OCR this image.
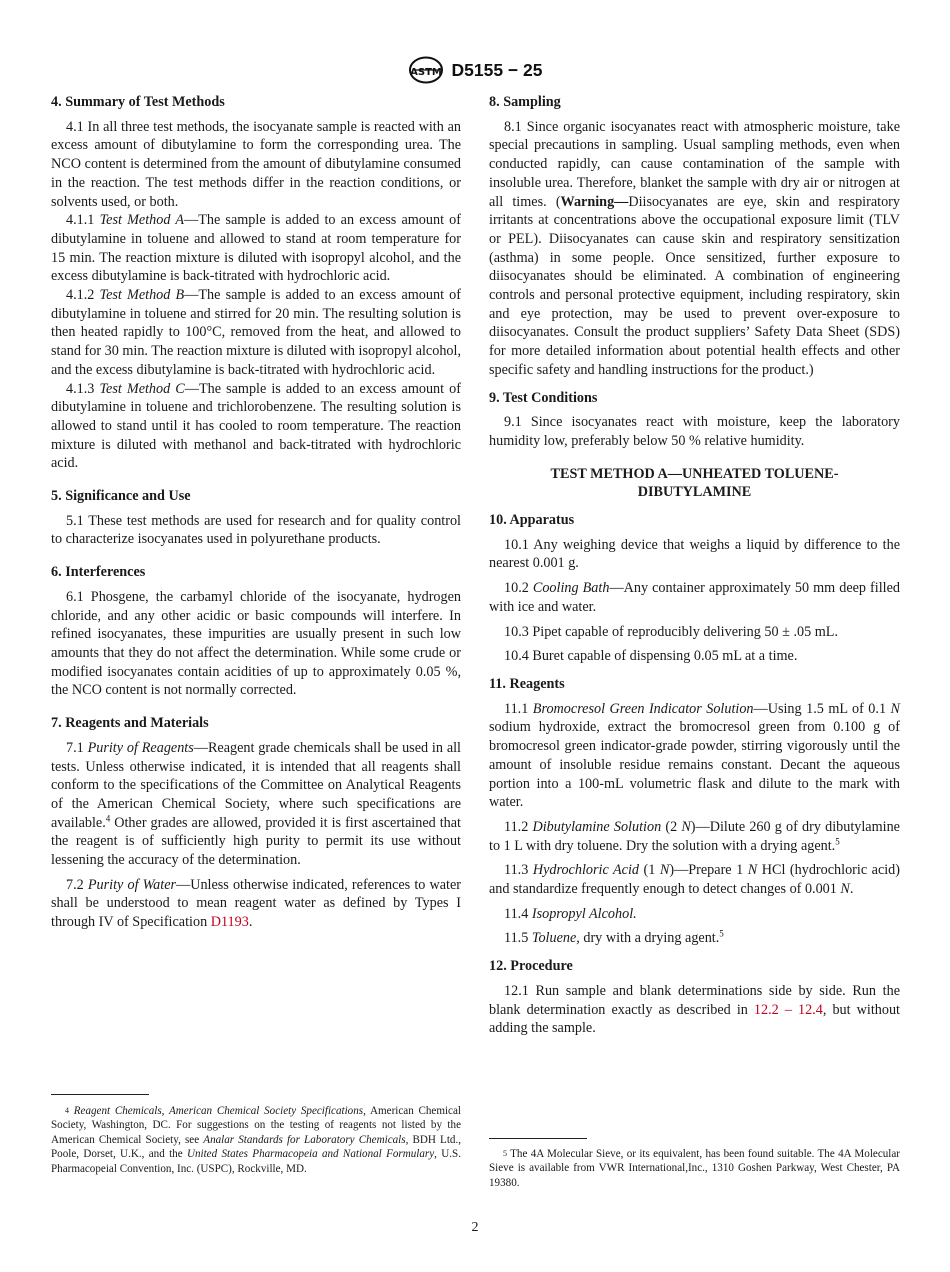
ASTM D5155 − 25
4. Summary of Test Methods

4.1 In all three test methods, the isocyanate sample is reacted with an excess amount of dibutylamine to form the corresponding urea. The NCO content is determined from the amount of dibutylamine consumed in the reaction. The test methods differ in the reaction conditions, or solvents used, or both.

4.1.1 Test Method A—The sample is added to an excess amount of dibutylamine in toluene and allowed to stand at room temperature for 15 min. The reaction mixture is diluted with isopropyl alcohol, and the excess dibutylamine is back-titrated with hydrochloric acid.

4.1.2 Test Method B—The sample is added to an excess amount of dibutylamine in toluene and stirred for 20 min. The resulting solution is then heated rapidly to 100°C, removed from the heat, and allowed to stand for 30 min. The reaction mixture is diluted with isopropyl alcohol, and the excess dibutylamine is back-titrated with hydrochloric acid.

4.1.3 Test Method C—The sample is added to an excess amount of dibutylamine in toluene and trichlorobenzene. The resulting solution is allowed to stand until it has cooled to room temperature. The reaction mixture is diluted with methanol and back-titrated with hydrochloric acid.

5. Significance and Use

5.1 These test methods are used for research and for quality control to characterize isocyanates used in polyurethane products.

6. Interferences

6.1 Phosgene, the carbamyl chloride of the isocyanate, hydrogen chloride, and any other acidic or basic compounds will interfere. In refined isocyanates, these impurities are usually present in such low amounts that they do not affect the determination. While some crude or modified isocyanates contain acidities of up to approximately 0.05 %, the NCO content is not normally corrected.

7. Reagents and Materials

7.1 Purity of Reagents—Reagent grade chemicals shall be used in all tests. Unless otherwise indicated, it is intended that all reagents shall conform to the specifications of the Committee on Analytical Reagents of the American Chemical Society, where such specifications are available.$^4$ Other grades are allowed, provided it is first ascertained that the reagent is of sufficiently high purity to permit its use without lessening the accuracy of the determination.

7.2 Purity of Water—Unless otherwise indicated, references to water shall be understood to mean reagent water as defined by Types I through IV of Specification D1193.

$^4$ Reagent Chemicals, American Chemical Society Specifications, American Chemical Society, Washington, DC. For suggestions on the testing of reagents not listed by the American Chemical Society, see Analar Standards for Laboratory Chemicals, BDH Ltd., Poole, Dorset, U.K., and the United States Pharmacopeia and National Formulary, U.S. Pharmacopeial Convention, Inc. (USPC), Rockville, MD.
8. Sampling

8.1 Since organic isocyanates react with atmospheric moisture, take special precautions in sampling. Usual sampling methods, even when conducted rapidly, can cause contamination of the sample with insoluble urea. Therefore, blanket the sample with dry air or nitrogen at all times. (Warning—Diisocyanates are eye, skin and respiratory irritants at concentrations above the occupational exposure limit (TLV or PEL). Diisocyanates can cause skin and respiratory sensitization (asthma) in some people. Once sensitized, further exposure to diisocyanates should be eliminated. A combination of engineering controls and personal protective equipment, including respiratory, skin and eye protection, may be used to prevent over-exposure to diisocyanates. Consult the product suppliers’ Safety Data Sheet (SDS) for more detailed information about potential health effects and other specific safety and handling instructions for the product.)

9. Test Conditions

9.1 Since isocyanates react with moisture, keep the laboratory humidity low, preferably below 50 % relative humidity.

TEST METHOD A—UNHEATED TOLUENE-DIBUTYLAMINE
10. Apparatus

10.1 Any weighing device that weighs a liquid by difference to the nearest 0.001 g.

10.2 Cooling Bath—Any container approximately 50 mm deep filled with ice and water.

10.3 Pipet capable of reproducibly delivering 50 ± .05 mL.

10.4 Buret capable of dispensing 0.05 mL at a time.

11. Reagents

11.1 Bromocresol Green Indicator Solution—Using 1.5 mL of 0.1 N sodium hydroxide, extract the bromocresol green from 0.100 g of bromocresol green indicator-grade powder, stirring vigorously until the amount of insoluble residue remains constant. Decant the aqueous portion into a 100-mL volumetric flask and dilute to the mark with water.

11.2 Dibutylamine Solution (2 N)—Dilute 260 g of dry dibutylamine to 1 L with dry toluene. Dry the solution with a drying agent.$^5$

11.3 Hydrochloric Acid (1 N)—Prepare 1 N HCl (hydrochloric acid) and standardize frequently enough to detect changes of 0.001 N.

11.4 Isopropyl Alcohol.

11.5 Toluene, dry with a drying agent.$^5$

12. Procedure

12.1 Run sample and blank determinations side by side. Run the blank determination exactly as described in 12.2 – 12.4, but without adding the sample.

$^5$ The 4A Molecular Sieve, or its equivalent, has been found suitable. The 4A Molecular Sieve is available from VWR International,Inc., 1310 Goshen Parkway, West Chester, PA 19380.
2
